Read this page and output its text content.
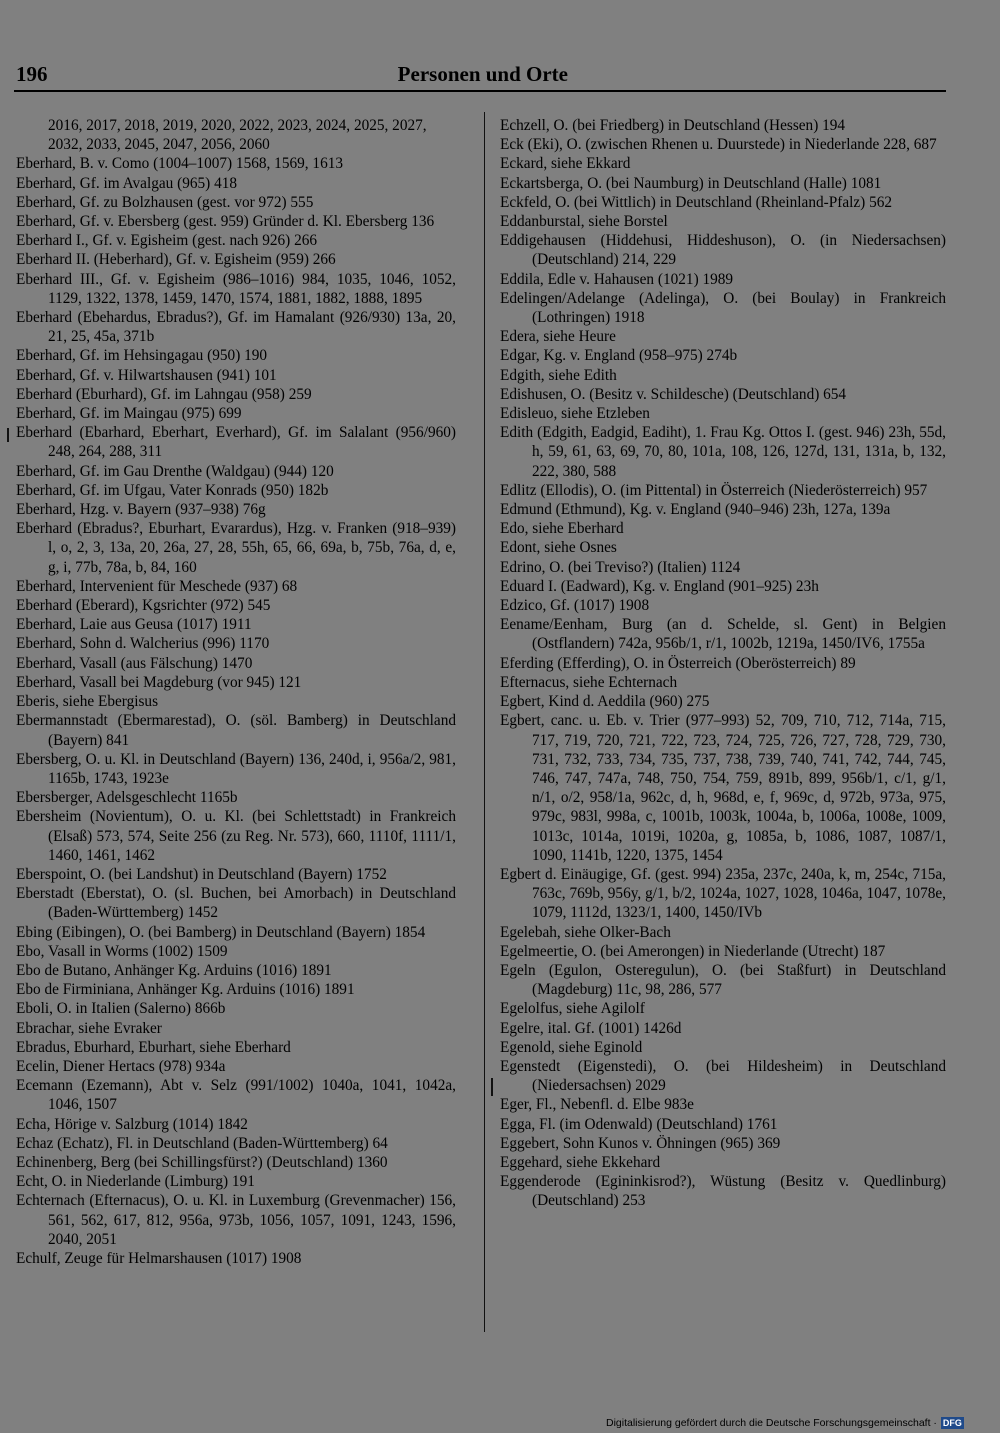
196	Personen und Orte

2016, 2017, 2018, 2019, 2020, 2022, 2023, 2024, 2025, 2027, 2032, 2033, 2045, 2047, 2056, 2060

Eberhard, B. v. Como (1004–1007) 1568, 1569, 1613

Eberhard, Gf. im Avalgau (965) 418

Eberhard, Gf. zu Bolzhausen (gest. vor 972) 555

Eberhard, Gf. v. Ebersberg (gest. 959) Gründer d. Kl. Ebersberg 136

Eberhard I., Gf. v. Egisheim (gest. nach 926) 266

Eberhard II. (Heberhard), Gf. v. Egisheim (959) 266

Eberhard III., Gf. v. Egisheim (986–1016) 984, 1035, 1046, 1052, 1129, 1322, 1378, 1459, 1470, 1574, 1881, 1882, 1888, 1895

Eberhard (Ebehardus, Ebradus?), Gf. im Hamalant (926/930) 13a, 20, 21, 25, 45a, 371b

Eberhard, Gf. im Hehsingagau (950) 190

Eberhard, Gf. v. Hilwartshausen (941) 101

Eberhard (Eburhard), Gf. im Lahngau (958) 259

Eberhard, Gf. im Maingau (975) 699

Eberhard (Ebarhard, Eberhart, Everhard), Gf. im Salalant (956/960) 248, 264, 288, 311

Eberhard, Gf. im Gau Drenthe (Waldgau) (944) 120

Eberhard, Gf. im Ufgau, Vater Konrads (950) 182b

Eberhard, Hzg. v. Bayern (937–938) 76g

Eberhard (Ebradus?, Eburhart, Evarardus), Hzg. v. Franken (918–939) l, o, 2, 3, 13a, 20, 26a, 27, 28, 55h, 65, 66, 69a, b, 75b, 76a, d, e, g, i, 77b, 78a, b, 84, 160

Eberhard, Intervenient für Meschede (937) 68

Eberhard (Eberard), Kgsrichter (972) 545

Eberhard, Laie aus Geusa (1017) 1911

Eberhard, Sohn d. Walcherius (996) 1170

Eberhard, Vasall (aus Fälschung) 1470

Eberhard, Vasall bei Magdeburg (vor 945) 121

Eberis, siehe Ebergisus

Ebermannstadt (Ebermarestad), O. (söl. Bamberg) in Deutschland (Bayern) 841

Ebersberg, O. u. Kl. in Deutschland (Bayern) 136, 240d, i, 956a/2, 981, 1165b, 1743, 1923e

Ebersberger, Adelsgeschlecht 1165b

Ebersheim (Novientum), O. u. Kl. (bei Schlettstadt) in Frankreich (Elsaß) 573, 574, Seite 256 (zu Reg. Nr. 573), 660, 1110f, 1111/1, 1460, 1461, 1462

Eberspoint, O. (bei Landshut) in Deutschland (Bayern) 1752

Eberstadt (Eberstat), O. (sl. Buchen, bei Amorbach) in Deutschland (Baden-Württemberg) 1452

Ebing (Eibingen), O. (bei Bamberg) in Deutschland (Bayern) 1854

Ebo, Vasall in Worms (1002) 1509

Ebo de Butano, Anhänger Kg. Arduins (1016) 1891

Ebo de Firminiana, Anhänger Kg. Arduins (1016) 1891

Eboli, O. in Italien (Salerno) 866b

Ebrachar, siehe Evraker

Ebradus, Eburhard, Eburhart, siehe Eberhard

Ecelin, Diener Hertacs (978) 934a

Ecemann (Ezemann), Abt v. Selz (991/1002) 1040a, 1041, 1042a, 1046, 1507

Echa, Hörige v. Salzburg (1014) 1842

Echaz (Echatz), Fl. in Deutschland (Baden-Württemberg) 64

Echinenberg, Berg (bei Schillingsfürst?) (Deutschland) 1360

Echt, O. in Niederlande (Limburg) 191

Echternach (Efternacus), O. u. Kl. in Luxemburg (Grevenmacher) 156, 561, 562, 617, 812, 956a, 973b, 1056, 1057, 1091, 1243, 1596, 2040, 2051

Echulf, Zeuge für Helmarshausen (1017) 1908

Echzell, O. (bei Friedberg) in Deutschland (Hessen) 194

Eck (Eki), O. (zwischen Rhenen u. Duurstede) in Niederlande 228, 687

Eckard, siehe Ekkard

Eckartsberga, O. (bei Naumburg) in Deutschland (Halle) 1081

Eckfeld, O. (bei Wittlich) in Deutschland (Rheinland-Pfalz) 562

Eddanburstal, siehe Borstel

Eddigehausen (Hiddehusi, Hiddeshuson), O. (in Niedersachsen) (Deutschland) 214, 229

Eddila, Edle v. Hahausen (1021) 1989

Edelingen/Adelange (Adelinga), O. (bei Boulay) in Frankreich (Lothringen) 1918

Edera, siehe Heure

Edgar, Kg. v. England (958–975) 274b

Edgith, siehe Edith

Edishusen, O. (Besitz v. Schildesche) (Deutschland) 654

Edisleuo, siehe Etzleben

Edith (Edgith, Eadgid, Eadiht), 1. Frau Kg. Ottos I. (gest. 946) 23h, 55d, h, 59, 61, 63, 69, 70, 80, 101a, 108, 126, 127d, 131, 131a, b, 132, 222, 380, 588

Edlitz (Ellodis), O. (im Pittental) in Österreich (Niederösterreich) 957

Edmund (Ethmund), Kg. v. England (940–946) 23h, 127a, 139a

Edo, siehe Eberhard

Edont, siehe Osnes

Edrino, O. (bei Treviso?) (Italien) 1124

Eduard I. (Eadward), Kg. v. England (901–925) 23h

Edzico, Gf. (1017) 1908

Eename/Eenham, Burg (an d. Schelde, sl. Gent) in Belgien (Ostflandern) 742a, 956b/1, r/1, 1002b, 1219a, 1450/IV6, 1755a

Eferding (Efferding), O. in Österreich (Oberösterreich) 89

Efternacus, siehe Echternach

Egbert, Kind d. Aeddila (960) 275

Egbert, canc. u. Eb. v. Trier (977–993) 52, 709, 710, 712, 714a, 715, 717, 719, 720, 721, 722, 723, 724, 725, 726, 727, 728, 729, 730, 731, 732, 733, 734, 735, 737, 738, 739, 740, 741, 742, 744, 745, 746, 747, 747a, 748, 750, 754, 759, 891b, 899, 956b/1, c/1, g/1, n/1, o/2, 958/1a, 962c, d, h, 968d, e, f, 969c, d, 972b, 973a, 975, 979c, 983l, 998a, c, 1001b, 1003k, 1004a, b, 1006a, 1008e, 1009, 1013c, 1014a, 1019i, 1020a, g, 1085a, b, 1086, 1087, 1087/1, 1090, 1141b, 1220, 1375, 1454

Egbert d. Einäugige, Gf. (gest. 994) 235a, 237c, 240a, k, m, 254c, 715a, 763c, 769b, 956y, g/1, b/2, 1024a, 1027, 1028, 1046a, 1047, 1078e, 1079, 1112d, 1323/1, 1400, 1450/IVb

Egelebah, siehe Olker-Bach

Egelmeertie, O. (bei Amerongen) in Niederlande (Utrecht) 187

Egeln (Egulon, Osteregulun), O. (bei Staßfurt) in Deutschland (Magdeburg) 11c, 98, 286, 577

Egelolfus, siehe Agilolf

Egelre, ital. Gf. (1001) 1426d

Egenold, siehe Eginold

Egenstedt (Eigenstedi), O. (bei Hildesheim) in Deutschland (Niedersachsen) 2029

Eger, Fl., Nebenfl. d. Elbe 983e

Egga, Fl. (im Odenwald) (Deutschland) 1761

Eggebert, Sohn Kunos v. Öhningen (965) 369

Eggehard, siehe Ekkehard

Eggenderode (Egininkisrod?), Wüstung (Besitz v. Quedlinburg) (Deutschland) 253

Digitalisierung gefördert durch die Deutsche Forschungsgemeinschaft · DFG
